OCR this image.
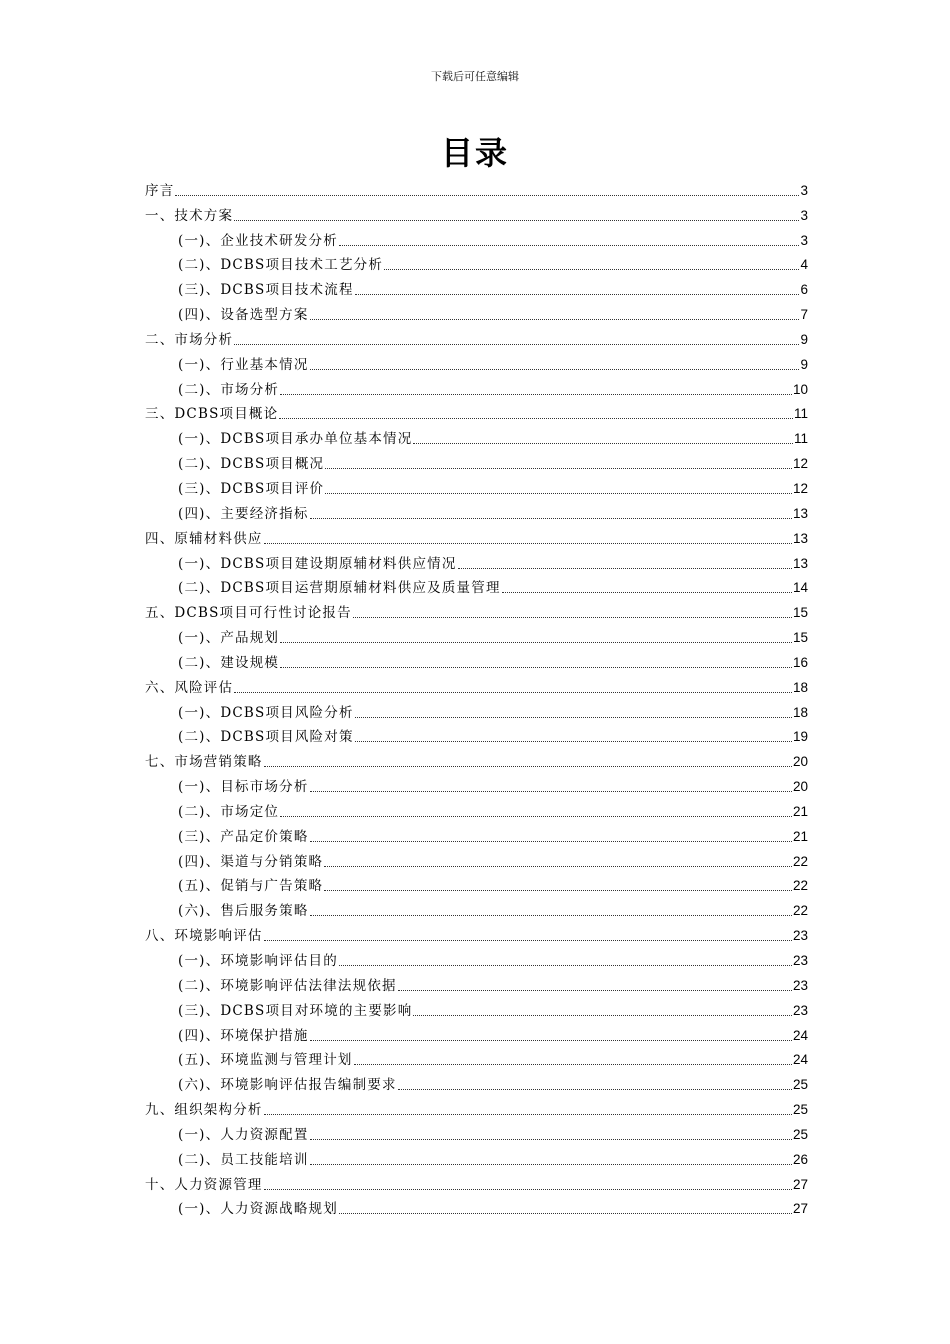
下载后可任意编辑
目录
序言	3
一、技术方案	3
(一)、企业技术研发分析	3
(二)、DCBS项目技术工艺分析	4
(三)、DCBS项目技术流程	6
(四)、设备选型方案	7
二、市场分析	9
(一)、行业基本情况	9
(二)、市场分析	10
三、DCBS项目概论	11
(一)、DCBS项目承办单位基本情况	11
(二)、DCBS项目概况	12
(三)、DCBS项目评价	12
(四)、主要经济指标	13
四、原辅材料供应	13
(一)、DCBS项目建设期原辅材料供应情况	13
(二)、DCBS项目运营期原辅材料供应及质量管理	14
五、DCBS项目可行性讨论报告	15
(一)、产品规划	15
(二)、建设规模	16
六、风险评估	18
(一)、DCBS项目风险分析	18
(二)、DCBS项目风险对策	19
七、市场营销策略	20
(一)、目标市场分析	20
(二)、市场定位	21
(三)、产品定价策略	21
(四)、渠道与分销策略	22
(五)、促销与广告策略	22
(六)、售后服务策略	22
八、环境影响评估	23
(一)、环境影响评估目的	23
(二)、环境影响评估法律法规依据	23
(三)、DCBS项目对环境的主要影响	23
(四)、环境保护措施	24
(五)、环境监测与管理计划	24
(六)、环境影响评估报告编制要求	25
九、组织架构分析	25
(一)、人力资源配置	25
(二)、员工技能培训	26
十、人力资源管理	27
(一)、人力资源战略规划	27
